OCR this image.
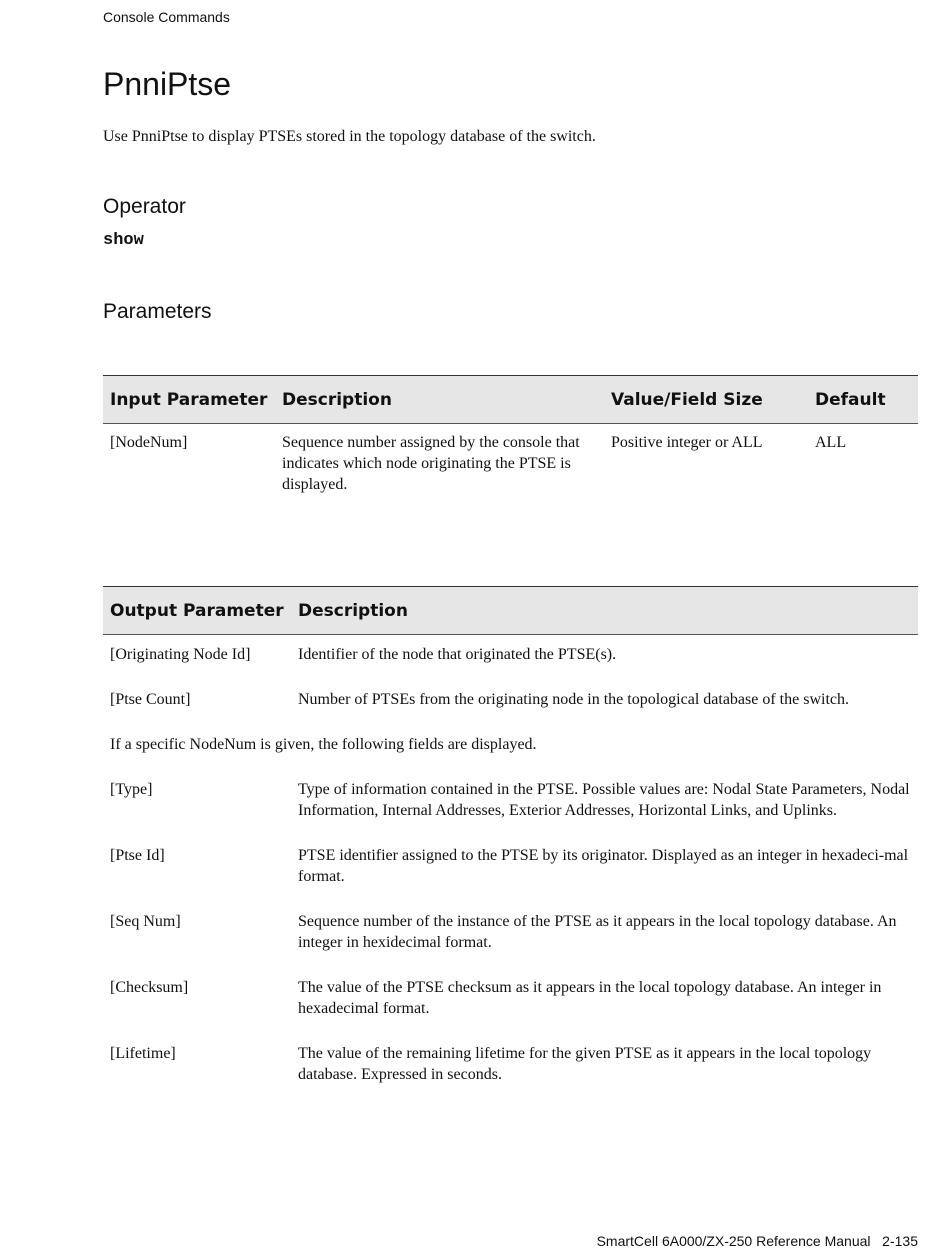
Console Commands
PnniPtse
Use PnniPtse to display PTSEs stored in the topology database of the switch.
Operator
show
Parameters
Input Parameter	Description	Value/Field Size	Default
[NodeNum]	Sequence number assigned by the console that indicates which node originating the PTSE is displayed.	Positive integer or ALL	ALL
Output Parameter	Description
[Originating Node Id]	Identifier of the node that originated the PTSE(s).
[Ptse Count]	Number of PTSEs from the originating node in the topological database of the switch.
If a specific NodeNum is given, the following fields are displayed.	
[Type]	Type of information contained in the PTSE. Possible values are: Nodal State Parameters, Nodal Information, Internal Addresses, Exterior Addresses, Horizontal Links, and Uplinks.
[Ptse Id]	PTSE identifier assigned to the PTSE by its originator. Displayed as an integer in hexadeci-mal format.
[Seq Num]	Sequence number of the instance of the PTSE as it appears in the local topology database. An integer in hexidecimal format.
[Checksum]	The value of the PTSE checksum as it appears in the local topology database. An integer in hexadecimal format.
[Lifetime]	The value of the remaining lifetime for the given PTSE as it appears in the local topology database. Expressed in seconds.
SmartCell 6A000/ZX-250 Reference Manual   2-135
